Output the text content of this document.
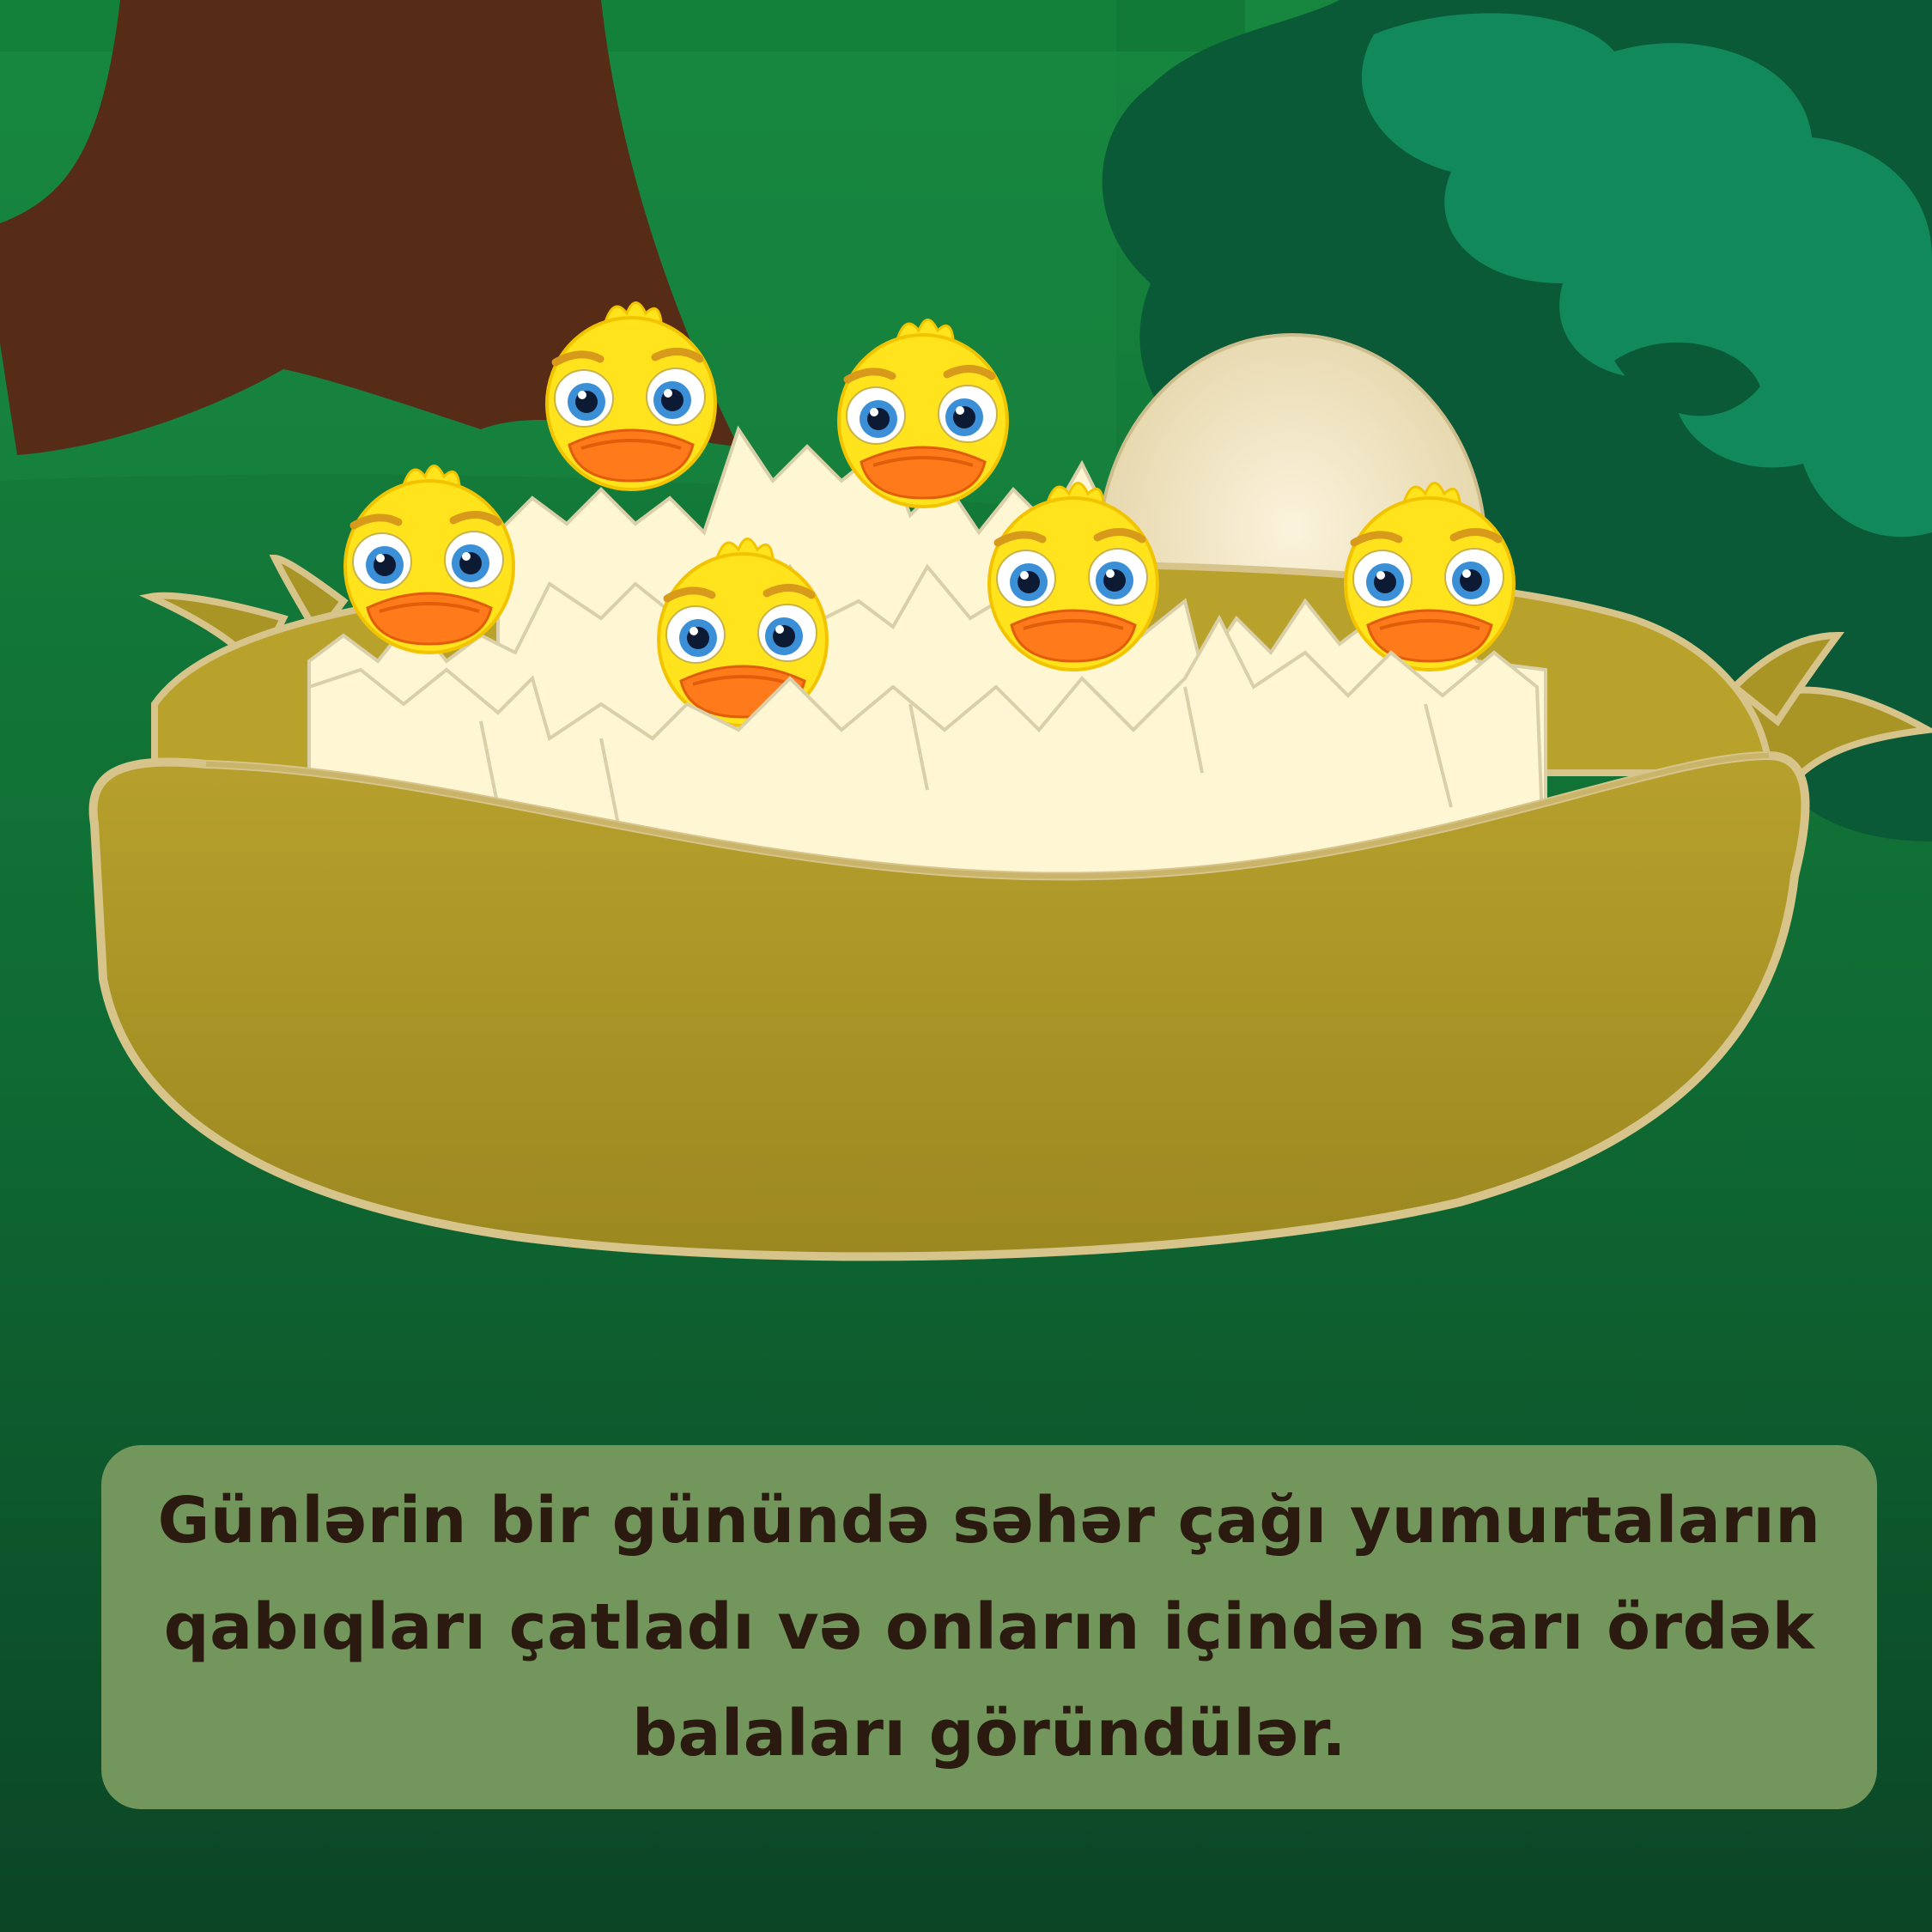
Günlərin bir günündə səhər çağı yumurtaların qabıqları çatladı və onların içindən sarı ördək balaları göründülər.
